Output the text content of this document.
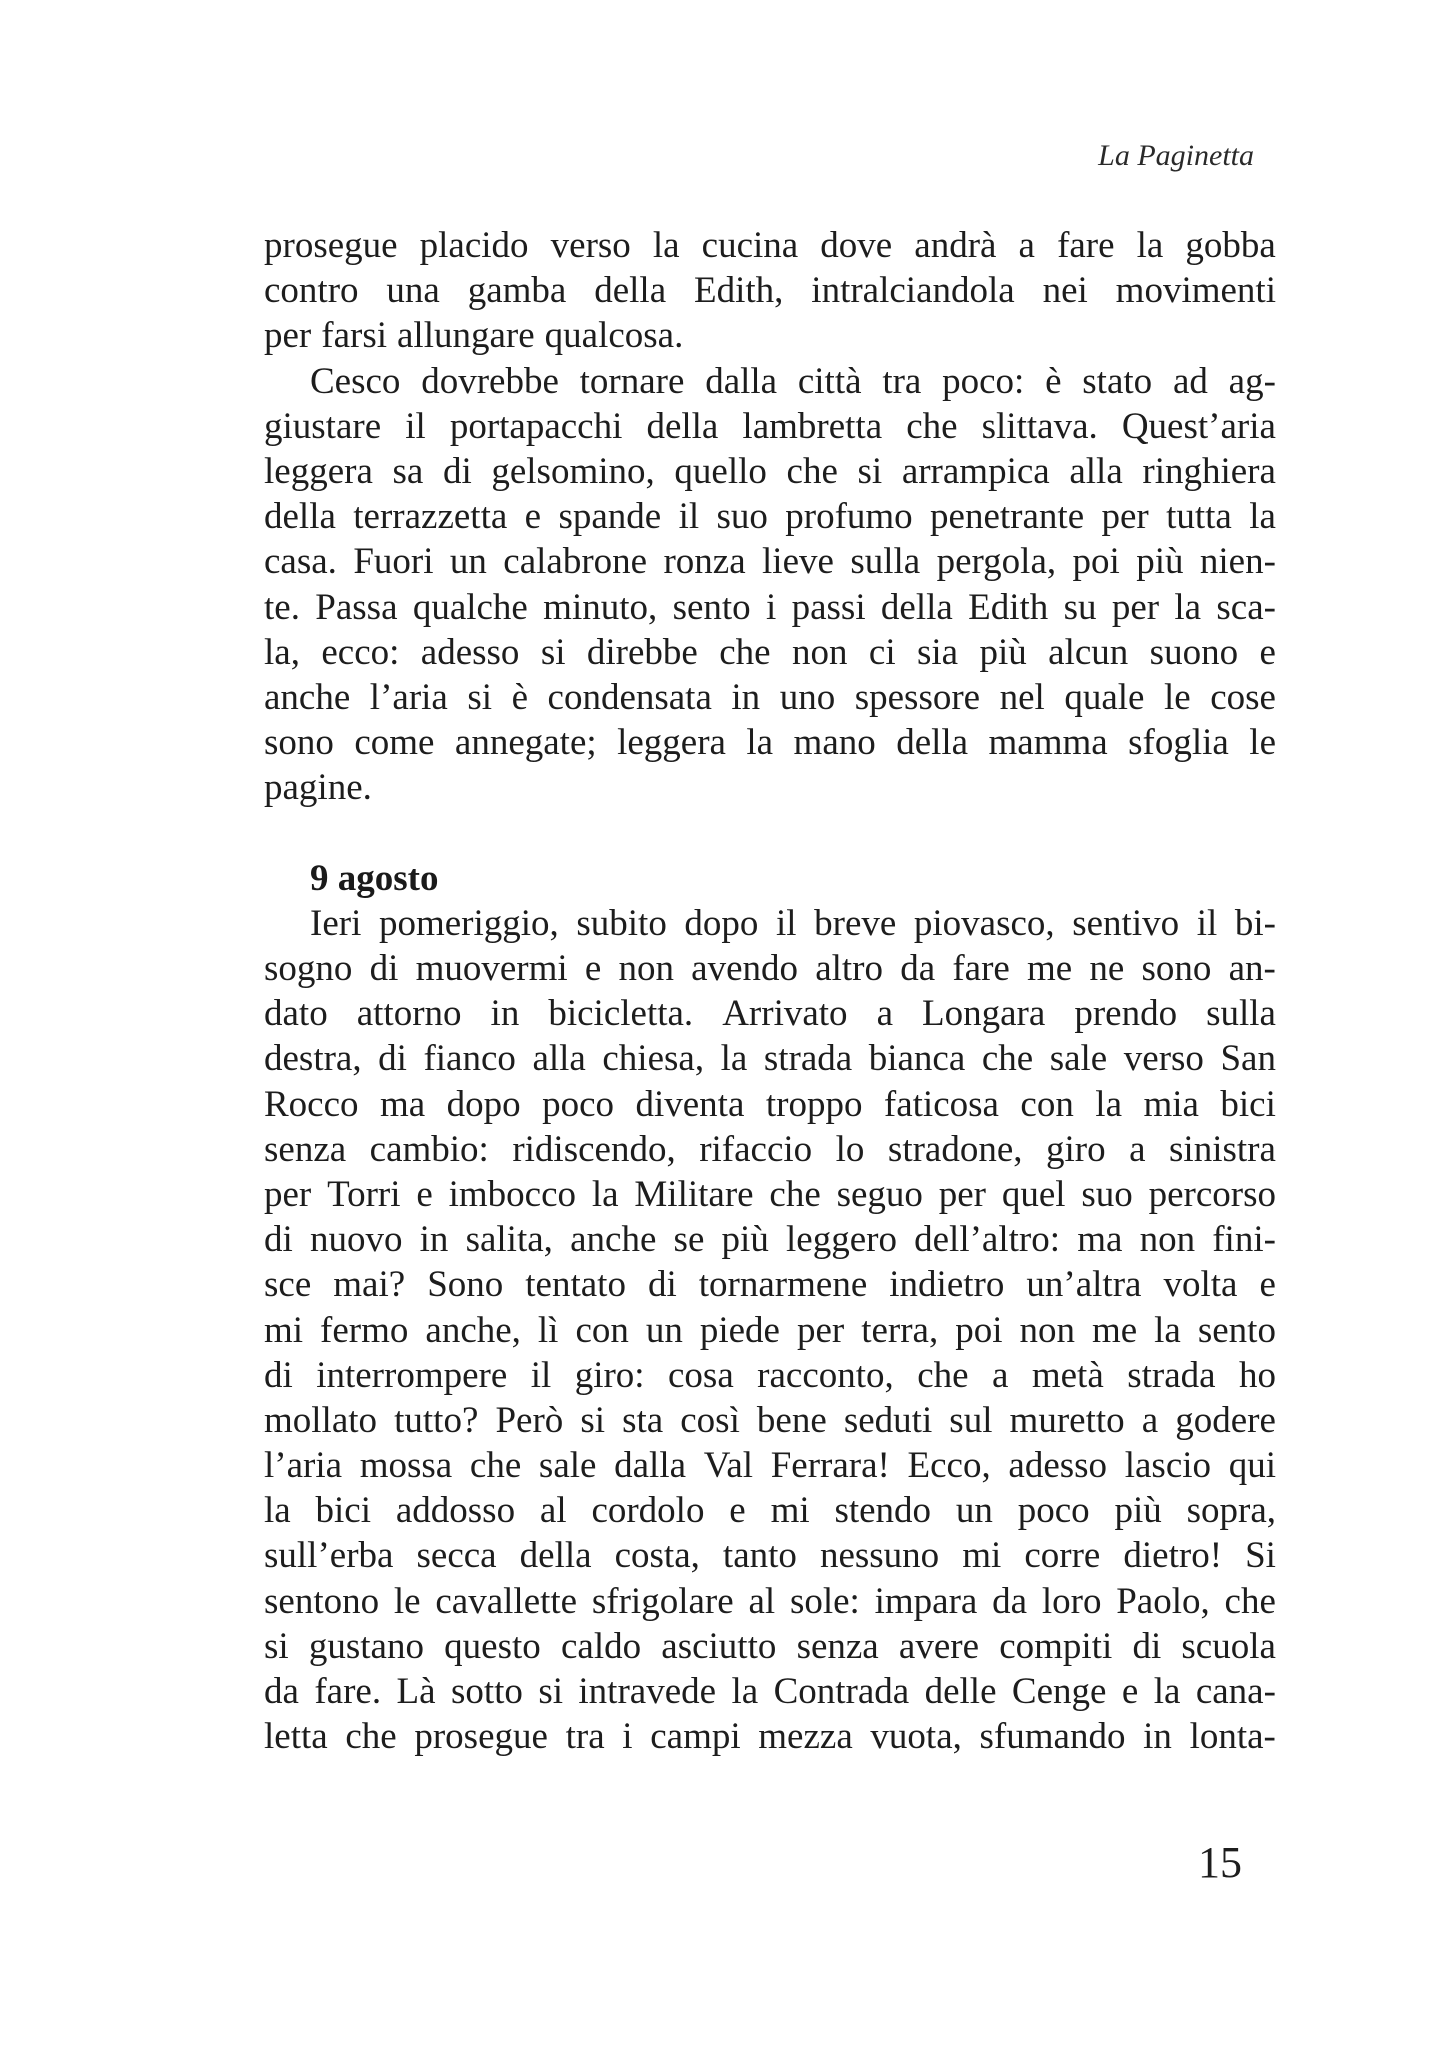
La Paginetta
prosegue placido verso la cucina dove andrà a fare la gobba
contro una gamba della Edith, intralciandola nei movimenti
per farsi allungare qualcosa.
Cesco dovrebbe tornare dalla città tra poco: è stato ad ag-
giustare il portapacchi della lambretta che slittava. Quest’aria
leggera sa di gelsomino, quello che si arrampica alla ringhiera
della terrazzetta e spande il suo profumo penetrante per tutta la
casa. Fuori un calabrone ronza lieve sulla pergola, poi più nien-
te. Passa qualche minuto, sento i passi della Edith su per la sca-
la, ecco: adesso si direbbe che non ci sia più alcun suono e
anche l’aria si è condensata in uno spessore nel quale le cose
sono come annegate; leggera la mano della mamma sfoglia le
pagine.
9 agosto
Ieri pomeriggio, subito dopo il breve piovasco, sentivo il bi-
sogno di muovermi e non avendo altro da fare me ne sono an-
dato attorno in bicicletta. Arrivato a Longara prendo sulla
destra, di fianco alla chiesa, la strada bianca che sale verso San
Rocco ma dopo poco diventa troppo faticosa con la mia bici
senza cambio: ridiscendo, rifaccio lo stradone, giro a sinistra
per Torri e imbocco la Militare che seguo per quel suo percorso
di nuovo in salita, anche se più leggero dell’altro: ma non fini-
sce mai? Sono tentato di tornarmene indietro un’altra volta e
mi fermo anche, lì con un piede per terra, poi non me la sento
di interrompere il giro: cosa racconto, che a metà strada ho
mollato tutto? Però si sta così bene seduti sul muretto a godere
l’aria mossa che sale dalla Val Ferrara! Ecco, adesso lascio qui
la bici addosso al cordolo e mi stendo un poco più sopra,
sull’erba secca della costa, tanto nessuno mi corre dietro! Si
sentono le cavallette sfrigolare al sole: impara da loro Paolo, che
si gustano questo caldo asciutto senza avere compiti di scuola
da fare. Là sotto si intravede la Contrada delle Cenge e la cana-
letta che prosegue tra i campi mezza vuota, sfumando in lonta-
15
